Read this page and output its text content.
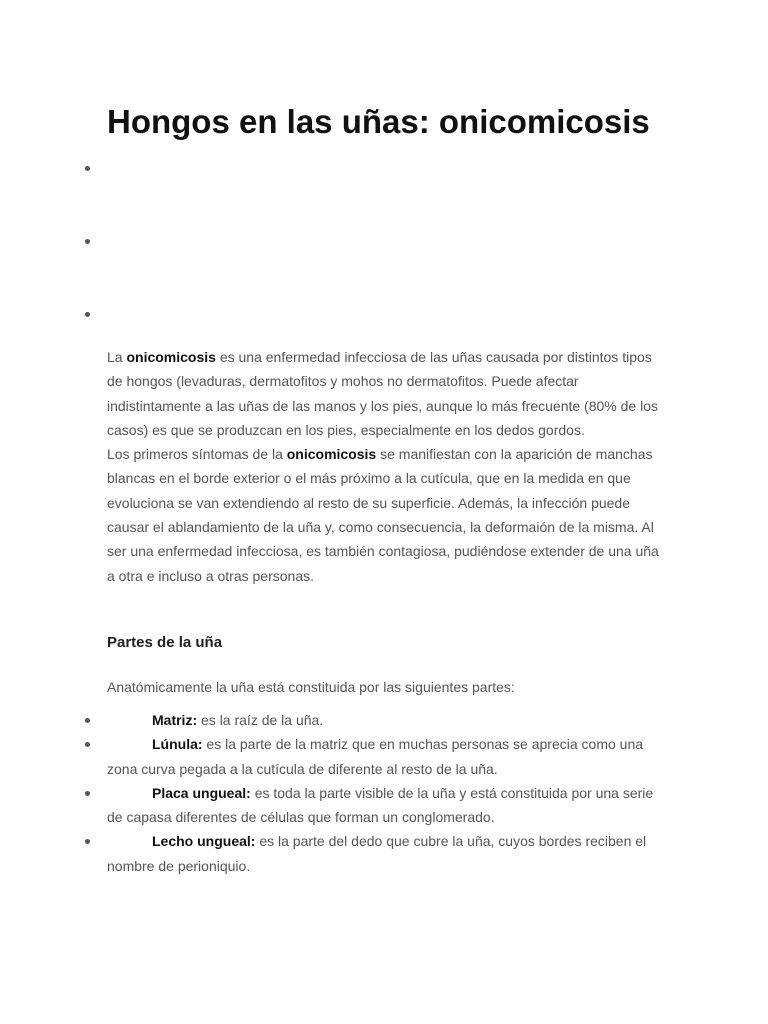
Hongos en las uñas: onicomicosis
La onicomicosis es una enfermedad infecciosa de las uñas causada por distintos tipos de hongos (levaduras, dermatofitos y mohos no dermatofitos. Puede afectar indistintamente a las uñas de las manos y los pies, aunque lo más frecuente (80% de los casos) es que se produzcan en los pies, especialmente en los dedos gordos.
Los primeros síntomas de la onicomicosis se manifiestan con la aparición de manchas blancas en el borde exterior o el más próximo a la cutícula, que en la medida en que evoluciona se van extendiendo al resto de su superficie. Además, la infección puede causar el ablandamiento de la uña y, como consecuencia, la deformaión de la misma. Al ser una enfermedad infecciosa, es también contagiosa, pudiéndose extender de una uña a otra e incluso a otras personas.
Partes de la uña

Anatómicamente la uña está constituida por las siguientes partes:

Matriz: es la raíz de la uña.
Lúnula: es la parte de la matriz que en muchas personas se aprecia como una zona curva pegada a la cutícula de diferente al resto de la uña.
Placa ungueal: es toda la parte visible de la uña y está constituida por una serie de capasa diferentes de células que forman un conglomerado.
Lecho ungueal: es la parte del dedo que cubre la uña, cuyos bordes reciben el nombre de perioniquio.
